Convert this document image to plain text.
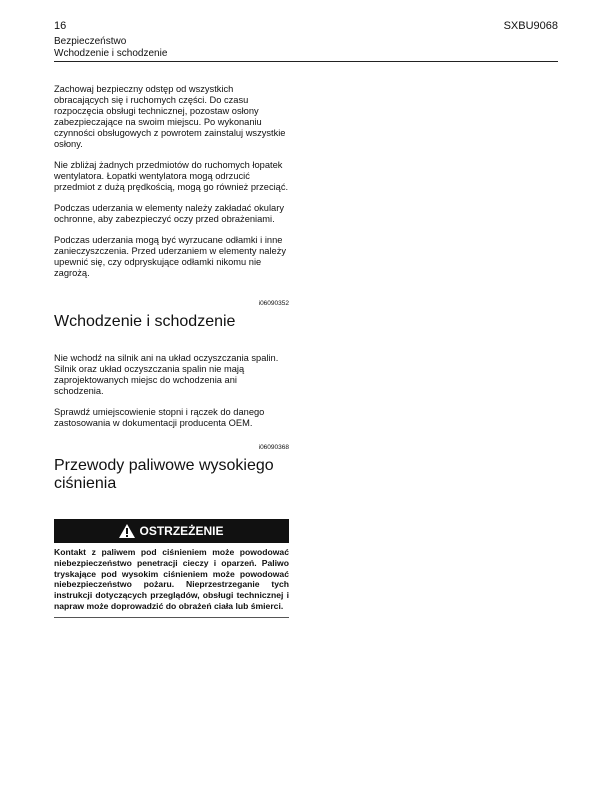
16	SXBU9068
Bezpieczeństwo
Wchodzenie i schodzenie

Zachowaj bezpieczny odstęp od wszystkich obracających się i ruchomych części. Do czasu rozpoczęcia obsługi technicznej, pozostaw osłony zabezpieczające na swoim miejscu. Po wykonaniu czynności obsługowych z powrotem zainstaluj wszystkie osłony.

Nie zbliżaj żadnych przedmiotów do ruchomych łopatek wentylatora. Łopatki wentylatora mogą odrzucić przedmiot z dużą prędkością, mogą go również przeciąć.

Podczas uderzania w elementy należy zakładać okulary ochronne, aby zabezpieczyć oczy przed obrażeniami.

Podczas uderzania mogą być wyrzucane odłamki i inne zanieczyszczenia. Przed uderzaniem w elementy należy upewnić się, czy odpryskujące odłamki nikomu nie zagrożą.

i06090352
Wchodzenie i schodzenie

Nie wchodź na silnik ani na układ oczyszczania spalin. Silnik oraz układ oczyszczania spalin nie mają zaprojektowanych miejsc do wchodzenia ani schodzenia.

Sprawdź umiejscowienie stopni i rączek do danego zastosowania w dokumentacji producenta OEM.

i06090368
Przewody paliwowe wysokiego ciśnienia
OSTRZEŻENIE
Kontakt z paliwem pod ciśnieniem może powodować niebezpieczeństwo penetracji cieczy i oparzeń. Paliwo tryskające pod wysokim ciśnieniem może powodować niebezpieczeństwo pożaru. Nieprzestrzeganie tych instrukcji dotyczących przeglądów, obsługi technicznej i napraw może doprowadzić do obrażeń ciała lub śmierci.
